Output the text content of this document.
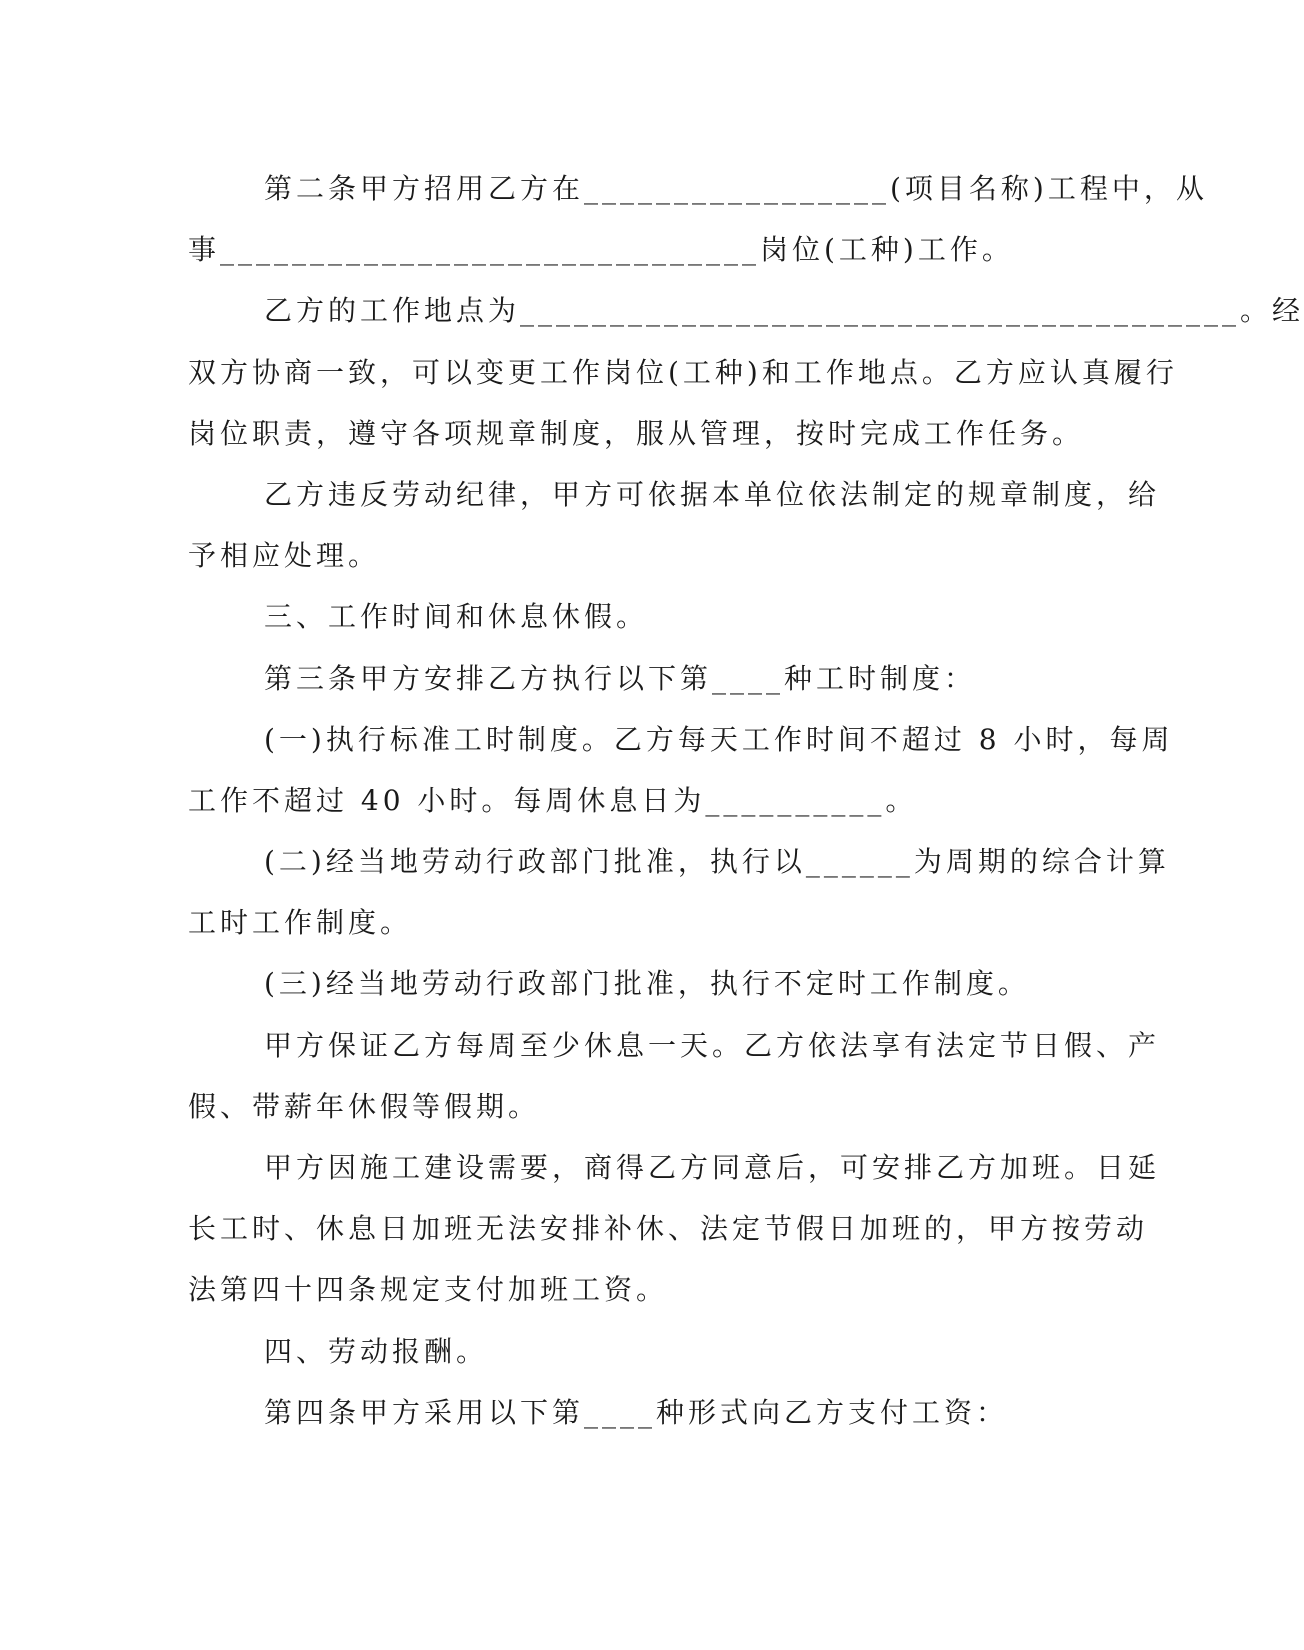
第二条甲方招用乙方在_________________(项目名称)工程中，从
事______________________________岗位(工种)工作。
乙方的工作地点为________________________________________。经
双方协商一致，可以变更工作岗位(工种)和工作地点。乙方应认真履行
岗位职责，遵守各项规章制度，服从管理，按时完成工作任务。
乙方违反劳动纪律，甲方可依据本单位依法制定的规章制度，给
予相应处理。
三、工作时间和休息休假。
第三条甲方安排乙方执行以下第____种工时制度：
(一)执行标准工时制度。乙方每天工作时间不超过 8 小时，每周
工作不超过 40 小时。每周休息日为__________。
(二)经当地劳动行政部门批准，执行以______为周期的综合计算
工时工作制度。
(三)经当地劳动行政部门批准，执行不定时工作制度。
甲方保证乙方每周至少休息一天。乙方依法享有法定节日假、产
假、带薪年休假等假期。
甲方因施工建设需要，商得乙方同意后，可安排乙方加班。日延
长工时、休息日加班无法安排补休、法定节假日加班的，甲方按劳动
法第四十四条规定支付加班工资。
四、劳动报酬。
第四条甲方采用以下第____种形式向乙方支付工资：
